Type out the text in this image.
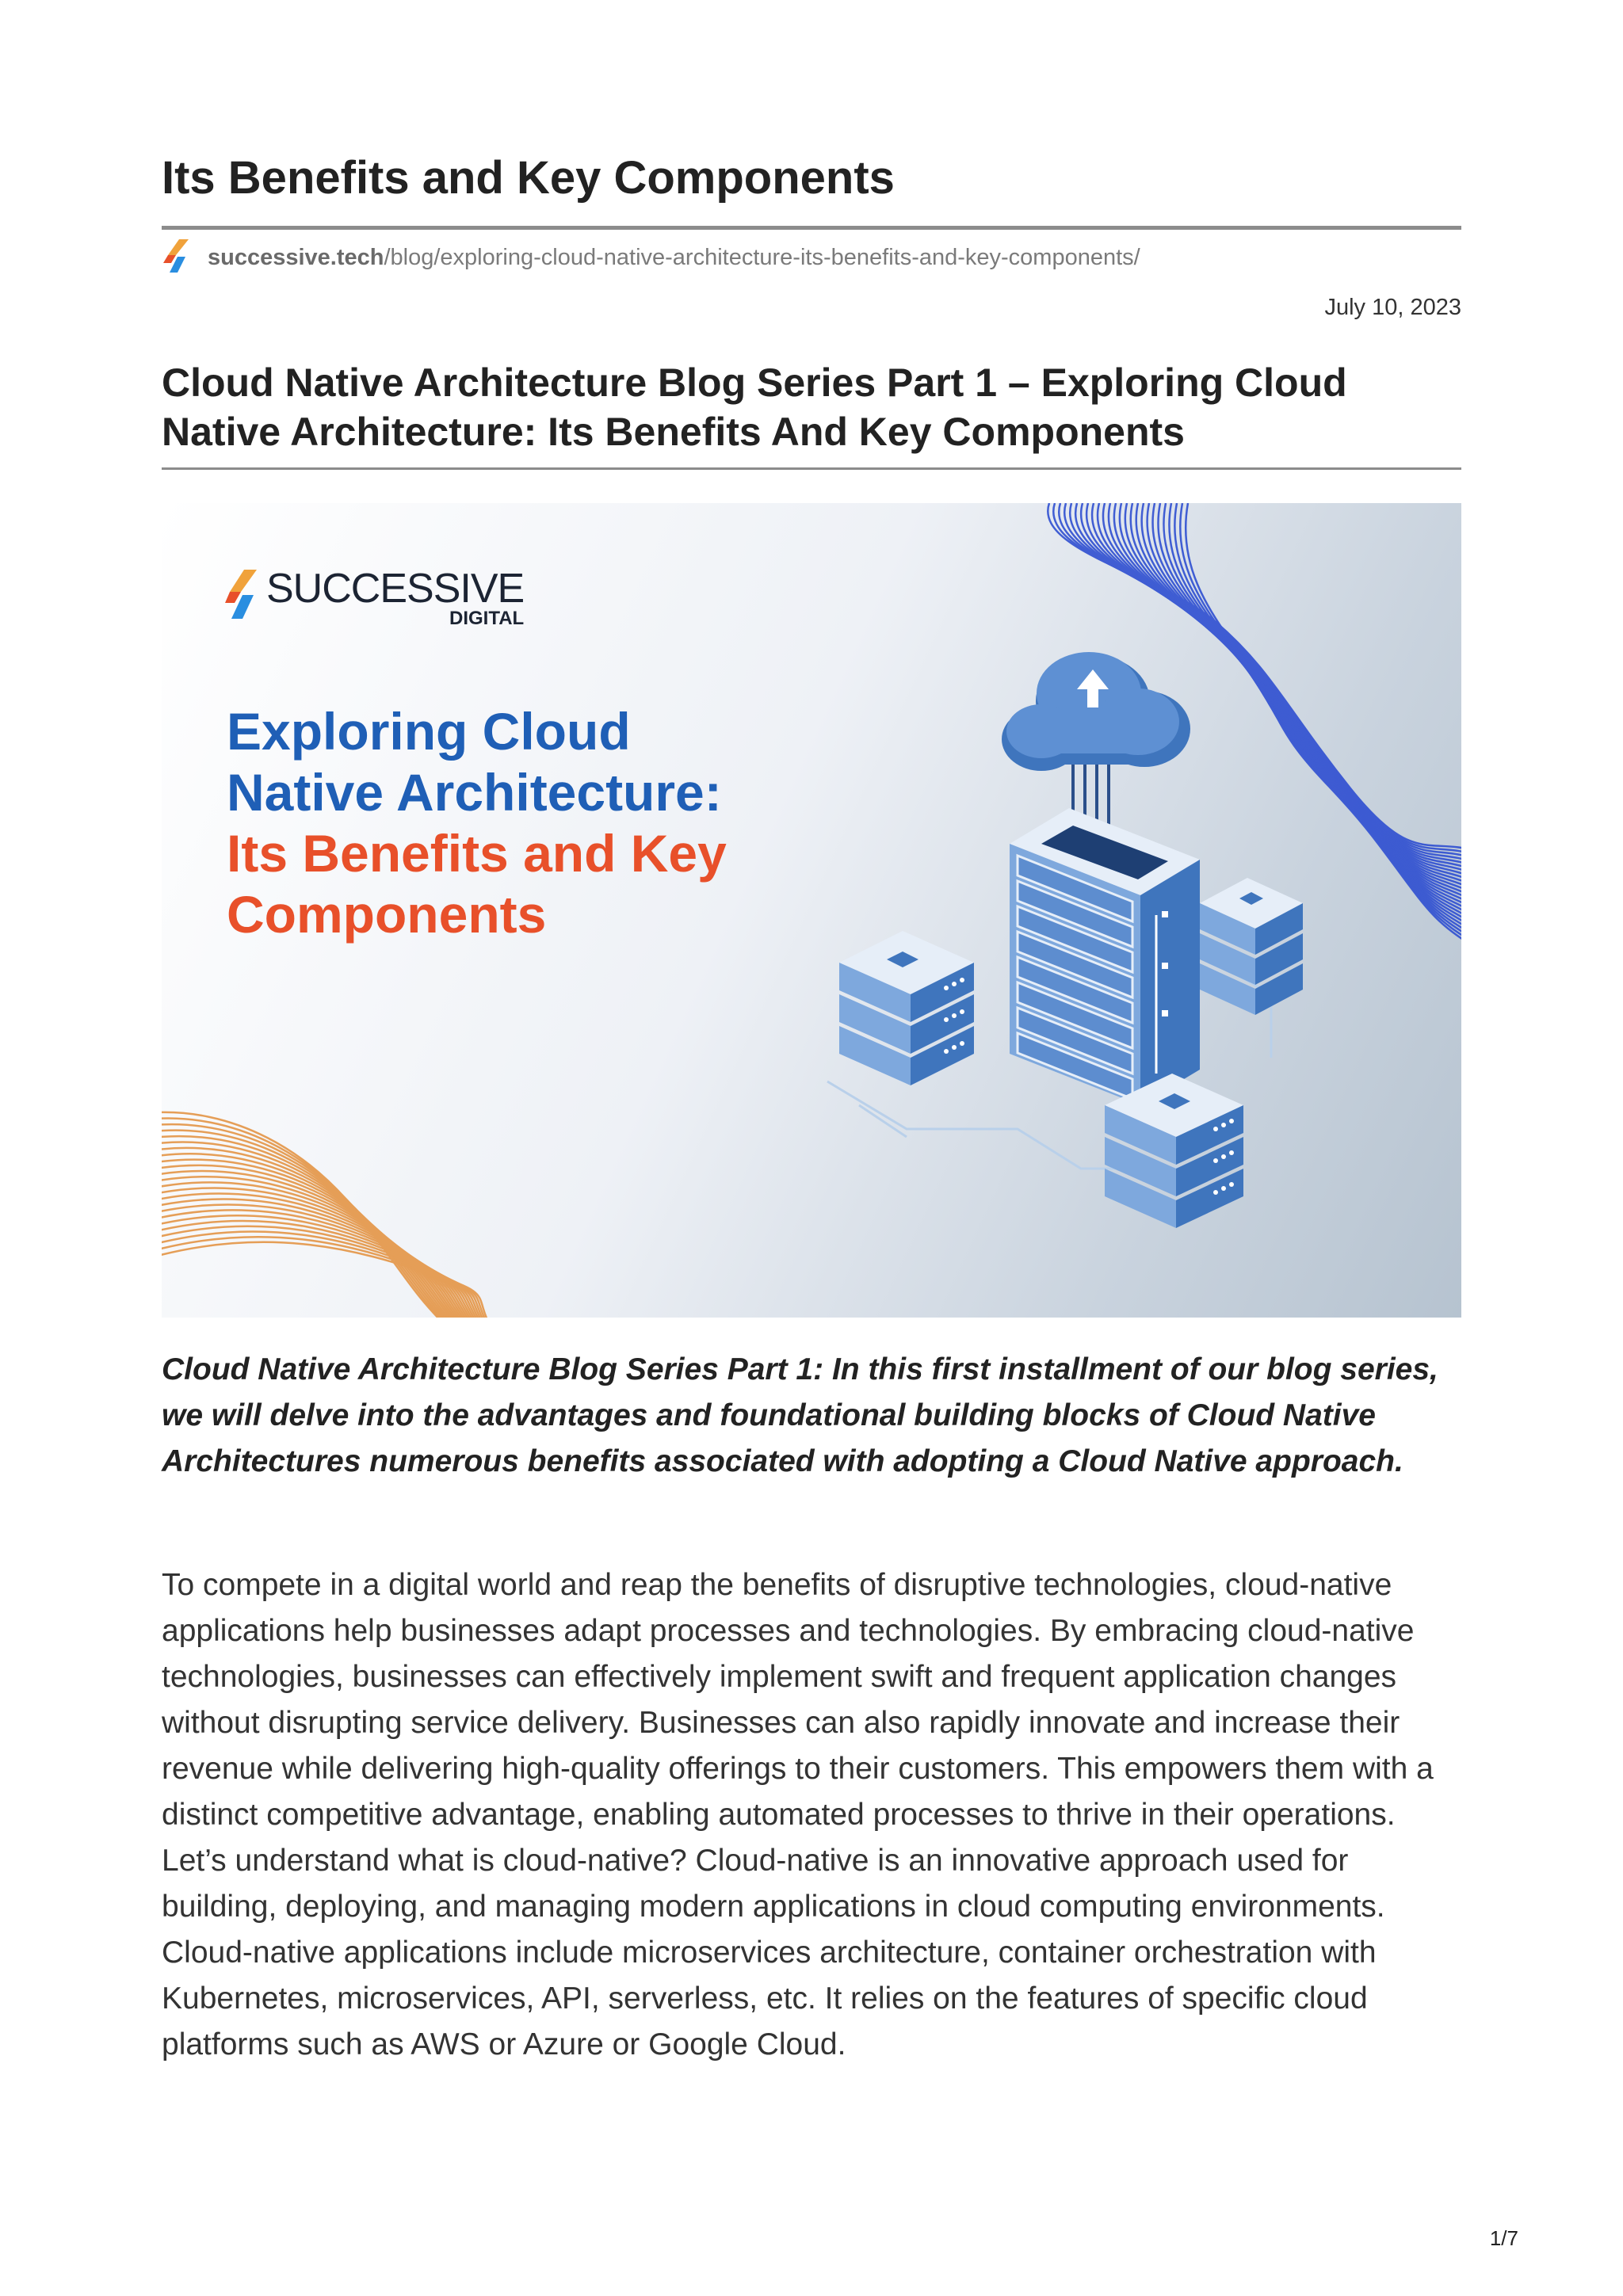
Its Benefits and Key Components
successive.tech/blog/exploring-cloud-native-architecture-its-benefits-and-key-components/
July 10, 2023
Cloud Native Architecture Blog Series Part 1 – Exploring Cloud Native Architecture: Its Benefits And Key Components
SUCCESSIVE
DIGITAL
Exploring Cloud
Native Architecture:
Its Benefits and Key
Components

Cloud Native Architecture Blog Series Part 1: In this first installment of our blog series, we will delve into the advantages and foundational building blocks of Cloud Native Architectures numerous benefits associated with adopting a Cloud Native approach.

To compete in a digital world and reap the benefits of disruptive technologies, cloud-native applications help businesses adapt processes and technologies. By embracing cloud-native technologies, businesses can effectively implement swift and frequent application changes without disrupting service delivery. Businesses can also rapidly innovate and increase their revenue while delivering high-quality offerings to their customers. This empowers them with a distinct competitive advantage, enabling automated processes to thrive in their operations. Let’s understand what is cloud-native? Cloud-native is an innovative approach used for building, deploying, and managing modern applications in cloud computing environments. Cloud-native applications include microservices architecture, container orchestration with Kubernetes, microservices, API, serverless, etc. It relies on the features of specific cloud platforms such as AWS or Azure or Google Cloud.

1/7
